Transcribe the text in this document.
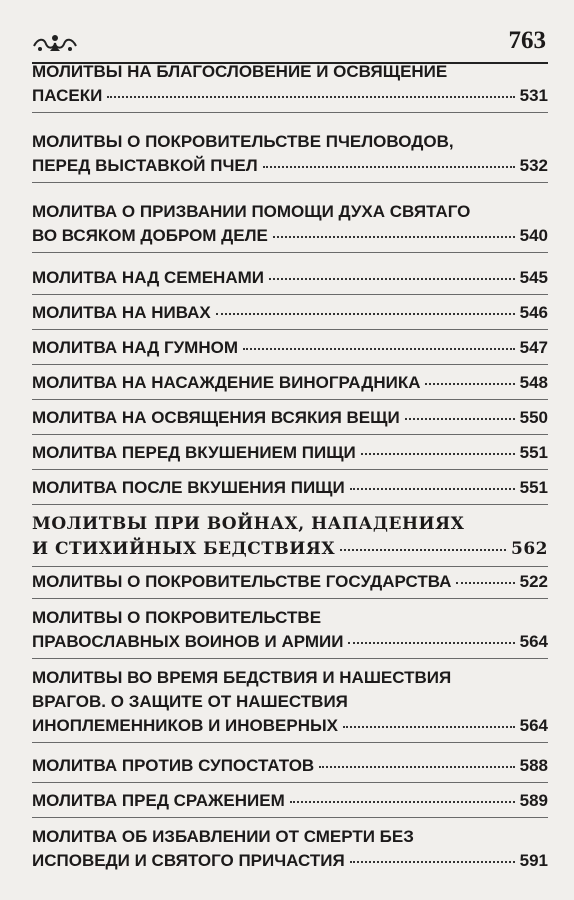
763
МОЛИТВЫ НА БЛАГОСЛОВЕНИЕ И ОСВЯЩЕНИЕ
ПАСЕКИ	531
МОЛИТВЫ О ПОКРОВИТЕЛЬСТВЕ ПЧЕЛОВОДОВ,
ПЕРЕД ВЫСТАВКОЙ ПЧЕЛ	532
МОЛИТВА О ПРИЗВАНИИ ПОМОЩИ ДУХА СВЯТАГО
ВО ВСЯКОМ ДОБРОМ ДЕЛЕ	540
МОЛИТВА НАД СЕМЕНАМИ	545
МОЛИТВА НА НИВАХ	546
МОЛИТВА НАД ГУМНОМ	547
МОЛИТВА НА НАСАЖДЕНИЕ ВИНОГРАДНИКА	548
МОЛИТВА НА ОСВЯЩЕНИЯ ВСЯКИЯ ВЕЩИ	550
МОЛИТВА ПЕРЕД ВКУШЕНИЕМ ПИЩИ	551
МОЛИТВА ПОСЛЕ ВКУШЕНИЯ ПИЩИ	551
МОЛИТВЫ ПРИ ВОЙНАХ, НАПАДЕНИЯХ
И СТИХИЙНЫХ БЕДСТВИЯХ	562
МОЛИТВЫ О ПОКРОВИТЕЛЬСТВЕ ГОСУДАРСТВА	522
МОЛИТВЫ О ПОКРОВИТЕЛЬСТВЕ
ПРАВОСЛАВНЫХ ВОИНОВ И АРМИИ	564
МОЛИТВЫ ВО ВРЕМЯ БЕДСТВИЯ И НАШЕСТВИЯ
ВРАГОВ. О ЗАЩИТЕ ОТ НАШЕСТВИЯ
ИНОПЛЕМЕННИКОВ И ИНОВЕРНЫХ	564
МОЛИТВА ПРОТИВ СУПОСТАТОВ	588
МОЛИТВА ПРЕД СРАЖЕНИЕМ	589
МОЛИТВА ОБ ИЗБАВЛЕНИИ ОТ СМЕРТИ БЕЗ
ИСПОВЕДИ И СВЯТОГО ПРИЧАСТИЯ	591
